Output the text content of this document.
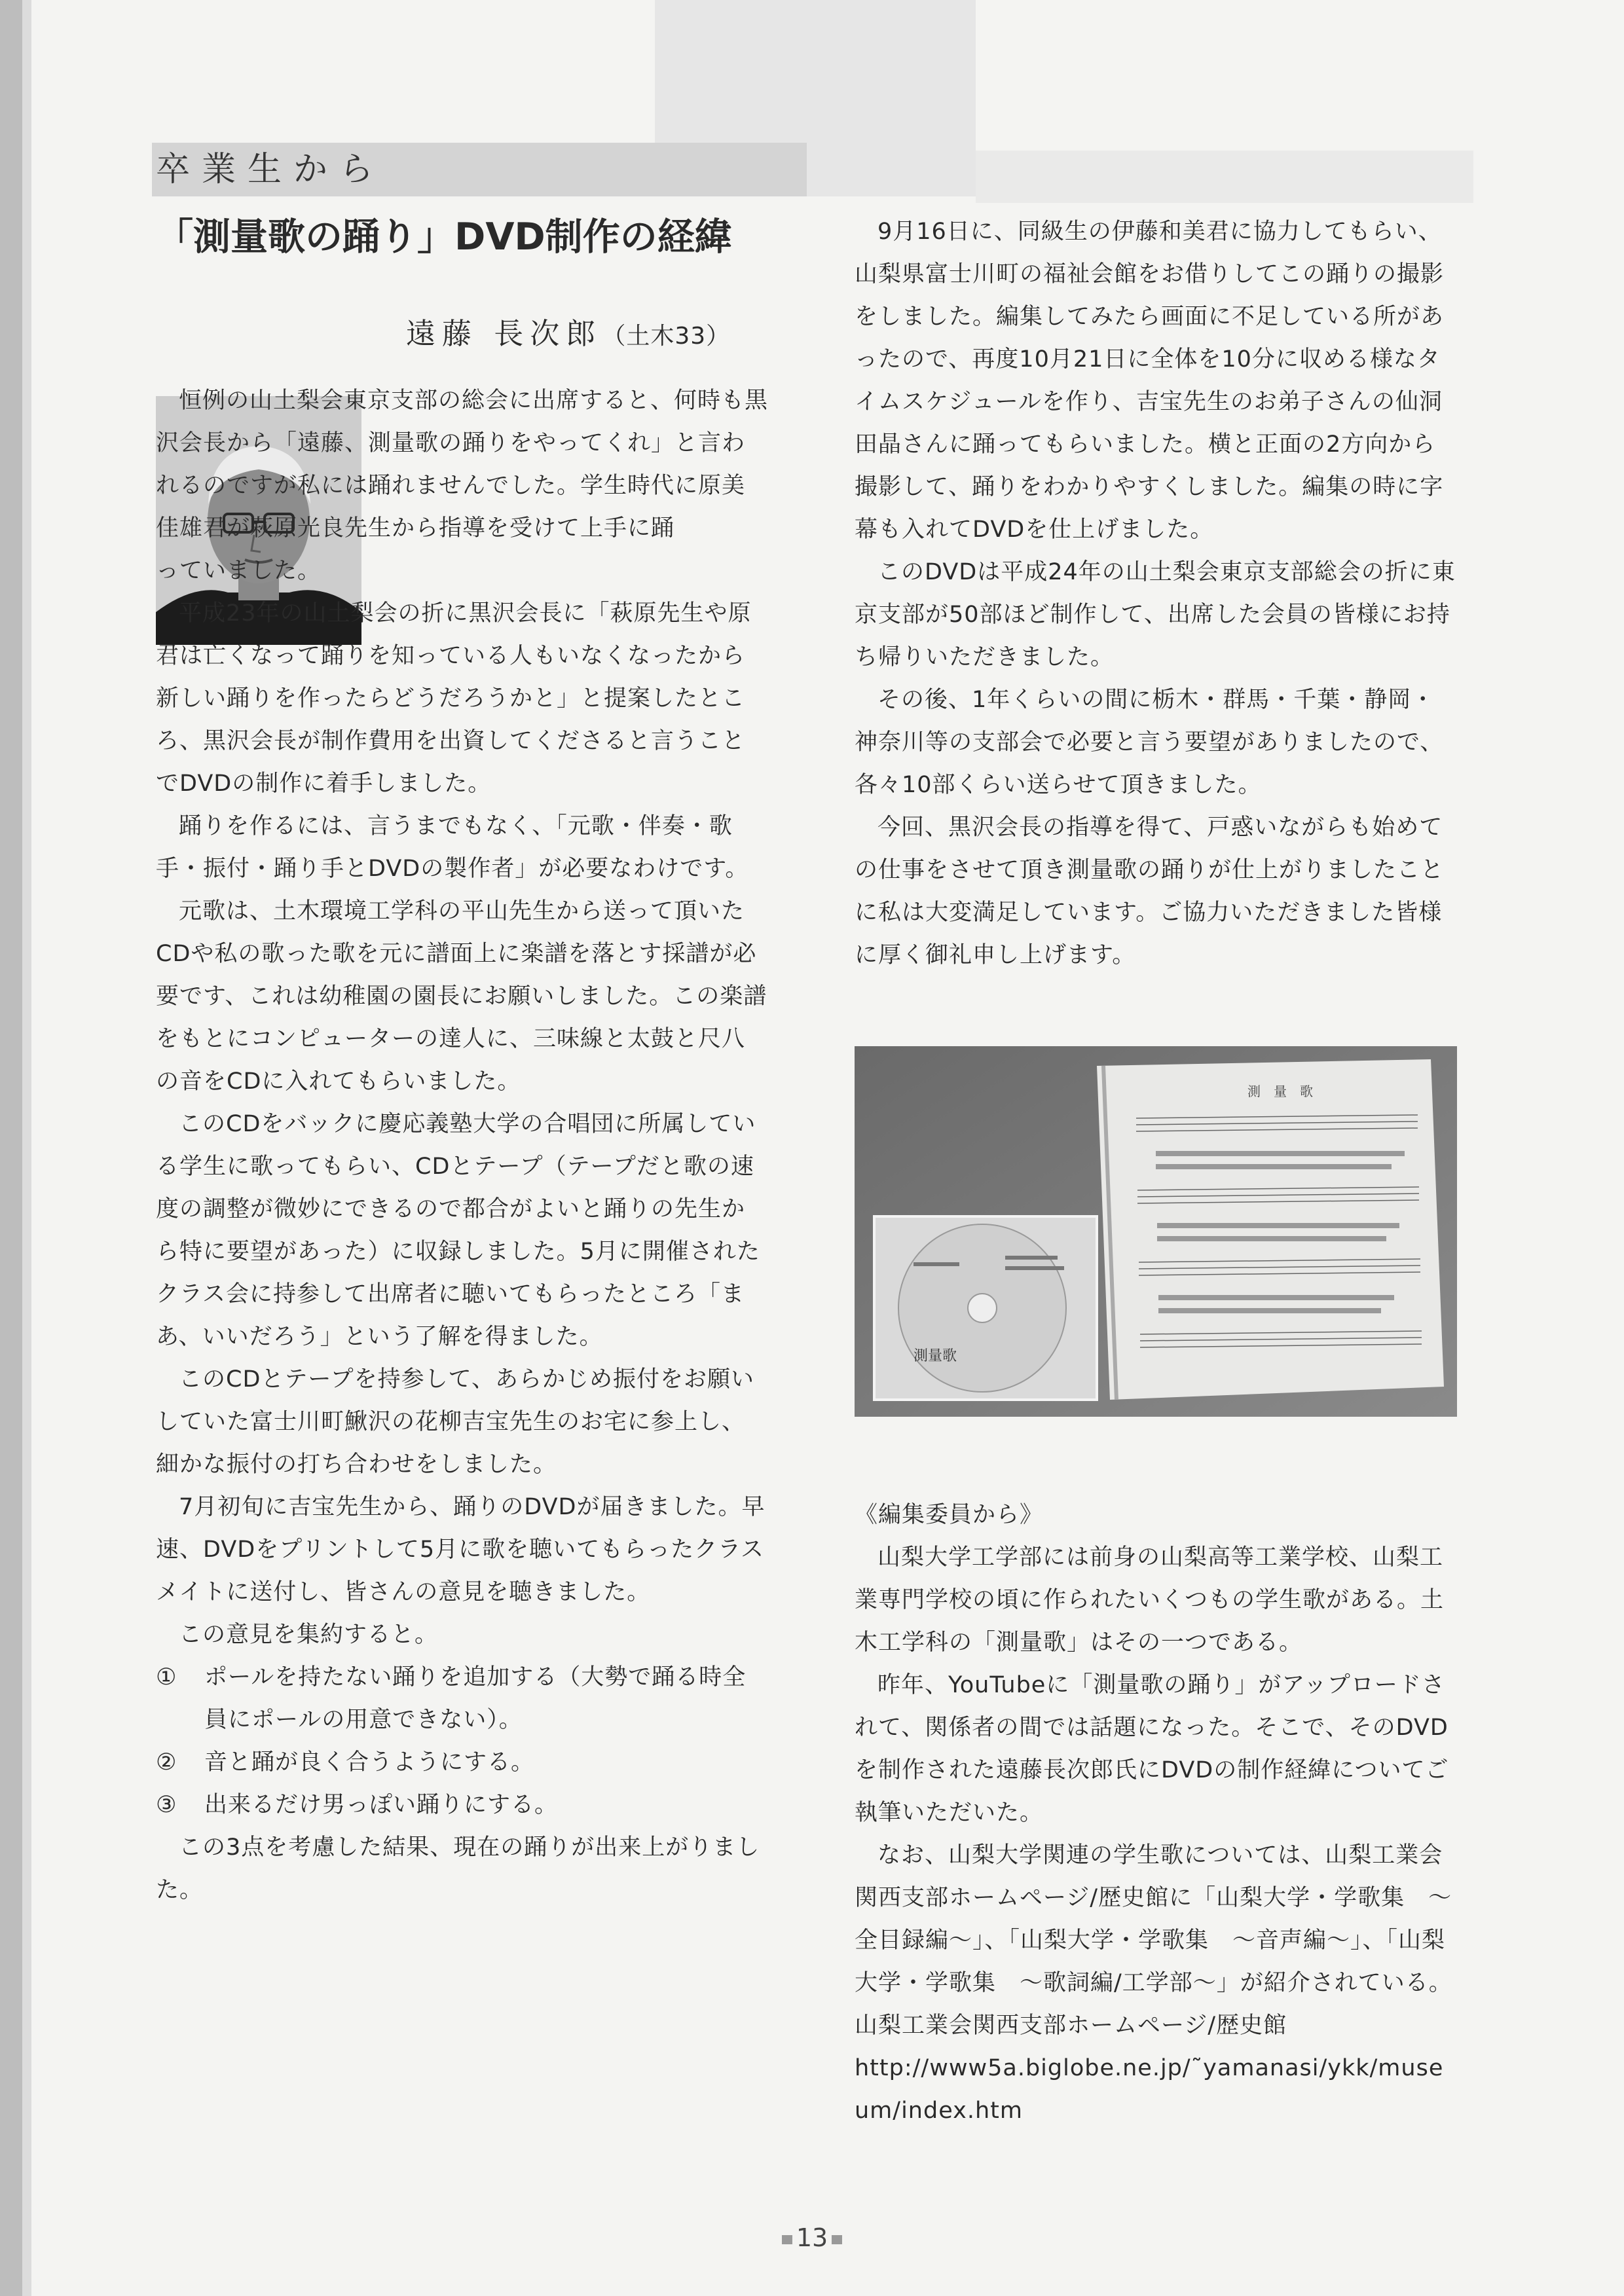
卒業生から
「測量歌の踊り」DVD制作の経緯
遠藤 長次郎（土木33）

恒例の山土梨会東京支部の総会に出席すると、何時も黒沢会長から「遠藤、測量歌の踊りをやってくれ」と言われるのですが私には踊れませんでした。学生時代に原美佳雄君が萩原光良先生から指導を受けて上手に踊

っていました。

平成23年の山土梨会の折に黒沢会長に「萩原先生や原君は亡くなって踊りを知っている人もいなくなったから新しい踊りを作ったらどうだろうかと」と提案したところ、黒沢会長が制作費用を出資してくださると言うことでDVDの制作に着手しました。

踊りを作るには、言うまでもなく、「元歌・伴奏・歌手・振付・踊り手とDVDの製作者」が必要なわけです。

元歌は、土木環境工学科の平山先生から送って頂いたCDや私の歌った歌を元に譜面上に楽譜を落とす採譜が必要です、これは幼稚園の園長にお願いしました。この楽譜をもとにコンピューターの達人に、三味線と太鼓と尺八の音をCDに入れてもらいました。

このCDをバックに慶応義塾大学の合唱団に所属している学生に歌ってもらい、CDとテープ（テープだと歌の速度の調整が微妙にできるので都合がよいと踊りの先生から特に要望があった）に収録しました。5月に開催されたクラス会に持参して出席者に聴いてもらったところ「まあ、いいだろう」という了解を得ました。

このCDとテープを持参して、あらかじめ振付をお願いしていた富士川町鰍沢の花柳吉宝先生のお宅に参上し、細かな振付の打ち合わせをしました。

7月初旬に吉宝先生から、踊りのDVDが届きました。早速、DVDをプリントして5月に歌を聴いてもらったクラスメイトに送付し、皆さんの意見を聴きました。

この意見を集約すると。

① ポールを持たない踊りを追加する（大勢で踊る時全員にポールの用意できない）。

② 音と踊が良く合うようにする。

③ 出来るだけ男っぽい踊りにする。

この3点を考慮した結果、現在の踊りが出来上がりました。

9月16日に、同級生の伊藤和美君に協力してもらい、山梨県富士川町の福祉会館をお借りしてこの踊りの撮影をしました。編集してみたら画面に不足している所があったので、再度10月21日に全体を10分に収める様なタイムスケジュールを作り、吉宝先生のお弟子さんの仙洞田晶さんに踊ってもらいました。横と正面の2方向から撮影して、踊りをわかりやすくしました。編集の時に字幕も入れてDVDを仕上げました。

このDVDは平成24年の山土梨会東京支部総会の折に東京支部が50部ほど制作して、出席した会員の皆様にお持ち帰りいただきました。

その後、1年くらいの間に栃木・群馬・千葉・静岡・神奈川等の支部会で必要と言う要望がありましたので、各々10部くらい送らせて頂きました。

今回、黒沢会長の指導を得て、戸惑いながらも始めての仕事をさせて頂き測量歌の踊りが仕上がりましたことに私は大変満足しています。ご協力いただきました皆様に厚く御礼申し上げます。

測　量　歌
測量歌

《編集委員から》

山梨大学工学部には前身の山梨高等工業学校、山梨工業専門学校の頃に作られたいくつもの学生歌がある。土木工学科の「測量歌」はその一つである。

昨年、YouTubeに「測量歌の踊り」がアップロードされて、関係者の間では話題になった。そこで、そのDVDを制作された遠藤長次郎氏にDVDの制作経緯についてご執筆いただいた。

なお、山梨大学関連の学生歌については、山梨工業会関西支部ホームページ/歴史館に「山梨大学・学歌集　～全目録編～」、「山梨大学・学歌集　～音声編～」、「山梨大学・学歌集　～歌詞編/工学部～」が紹介されている。

山梨工業会関西支部ホームページ/歴史館

http://www5a.biglobe.ne.jp/˜yamanasi/ykk/museum/index.htm

13
